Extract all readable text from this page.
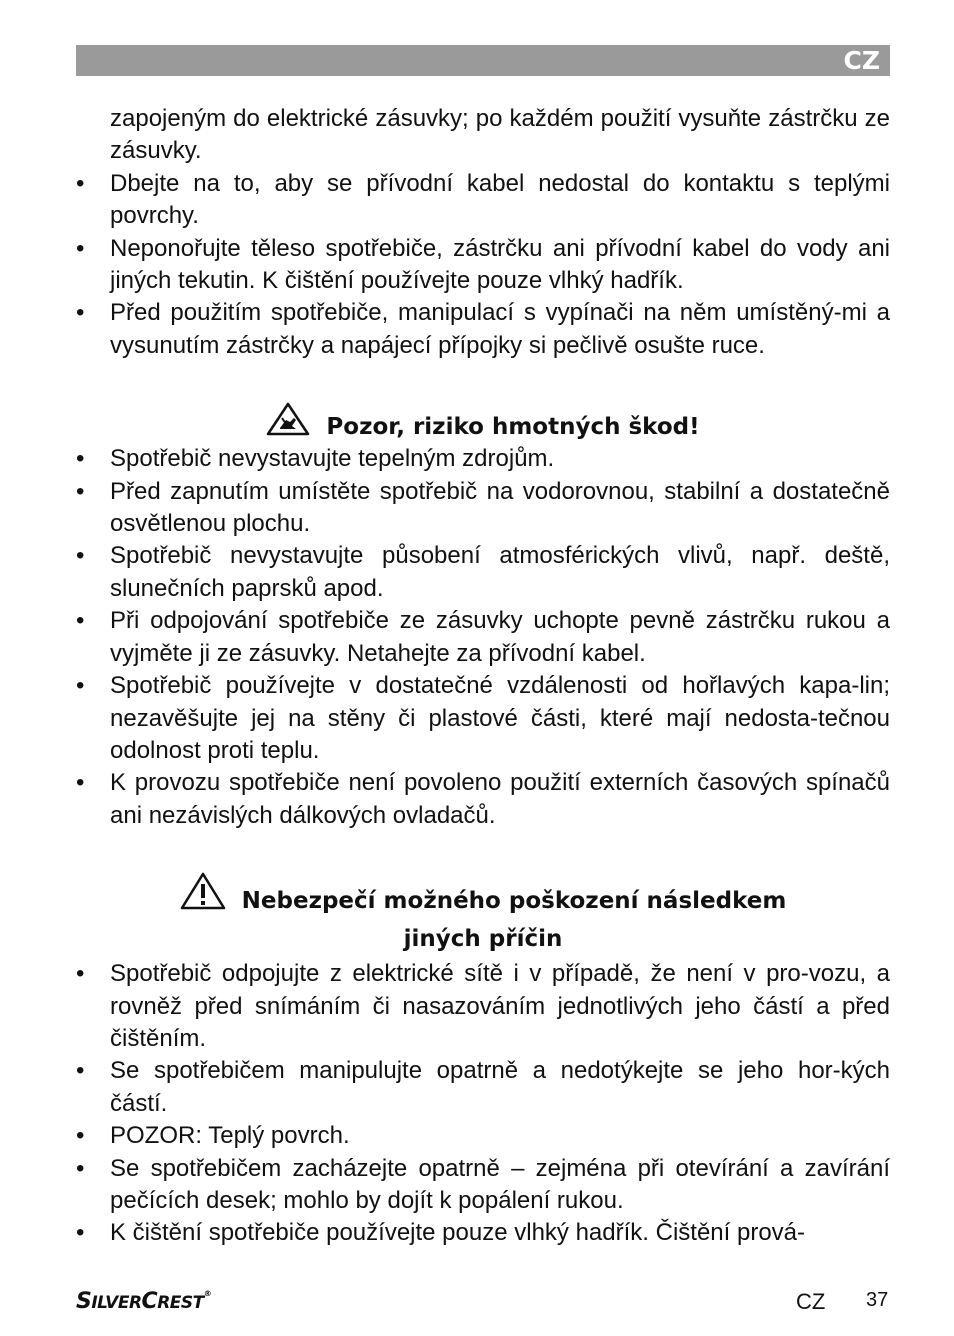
CZ

zapojeným do elektrické zásuvky; po každém použití vysuňte zástrčku ze zásuvky.

• Dbejte na to, aby se přívodní kabel nedostal do kontaktu s teplými povrchy.
• Neponořujte těleso spotřebiče, zástrčku ani přívodní kabel do vody ani jiných tekutin. K čištění používejte pouze vlhký hadřík.
• Před použitím spotřebiče, manipulací s vypínači na něm umístěný-mi a vysunutím zástrčky a napájecí přípojky si pečlivě osušte ruce.
Pozor, riziko hmotných škod!
• Spotřebič nevystavujte tepelným zdrojům.
• Před zapnutím umístěte spotřebič na vodorovnou, stabilní a dostatečně osvětlenou plochu.
• Spotřebič nevystavujte působení atmosférických vlivů, např. deště, slunečních paprsků apod.
• Při odpojování spotřebiče ze zásuvky uchopte pevně zástrčku rukou a vyjměte ji ze zásuvky. Netahejte za přívodní kabel.
• Spotřebič používejte v dostatečné vzdálenosti od hořlavých kapa-lin; nezavěšujte jej na stěny či plastové části, které mají nedosta-tečnou odolnost proti teplu.
• K provozu spotřebiče není povoleno použití externích časových spínačů ani nezávislých dálkových ovladačů.
Nebezpečí možného poškození následkem
jiných příčin
• Spotřebič odpojujte z elektrické sítě i v případě, že není v pro-vozu, a rovněž před snímáním či nasazováním jednotlivých jeho částí a před čištěním.
• Se spotřebičem manipulujte opatrně a nedotýkejte se jeho hor-kých částí.
• POZOR: Teplý povrch.
• Se spotřebičem zacházejte opatrně – zejména při otevírání a zavírání pečících desek; mohlo by dojít k popálení rukou.
• K čištění spotřebiče používejte pouze vlhký hadřík. Čištění prová-
SILVERCREST®	CZ 37
